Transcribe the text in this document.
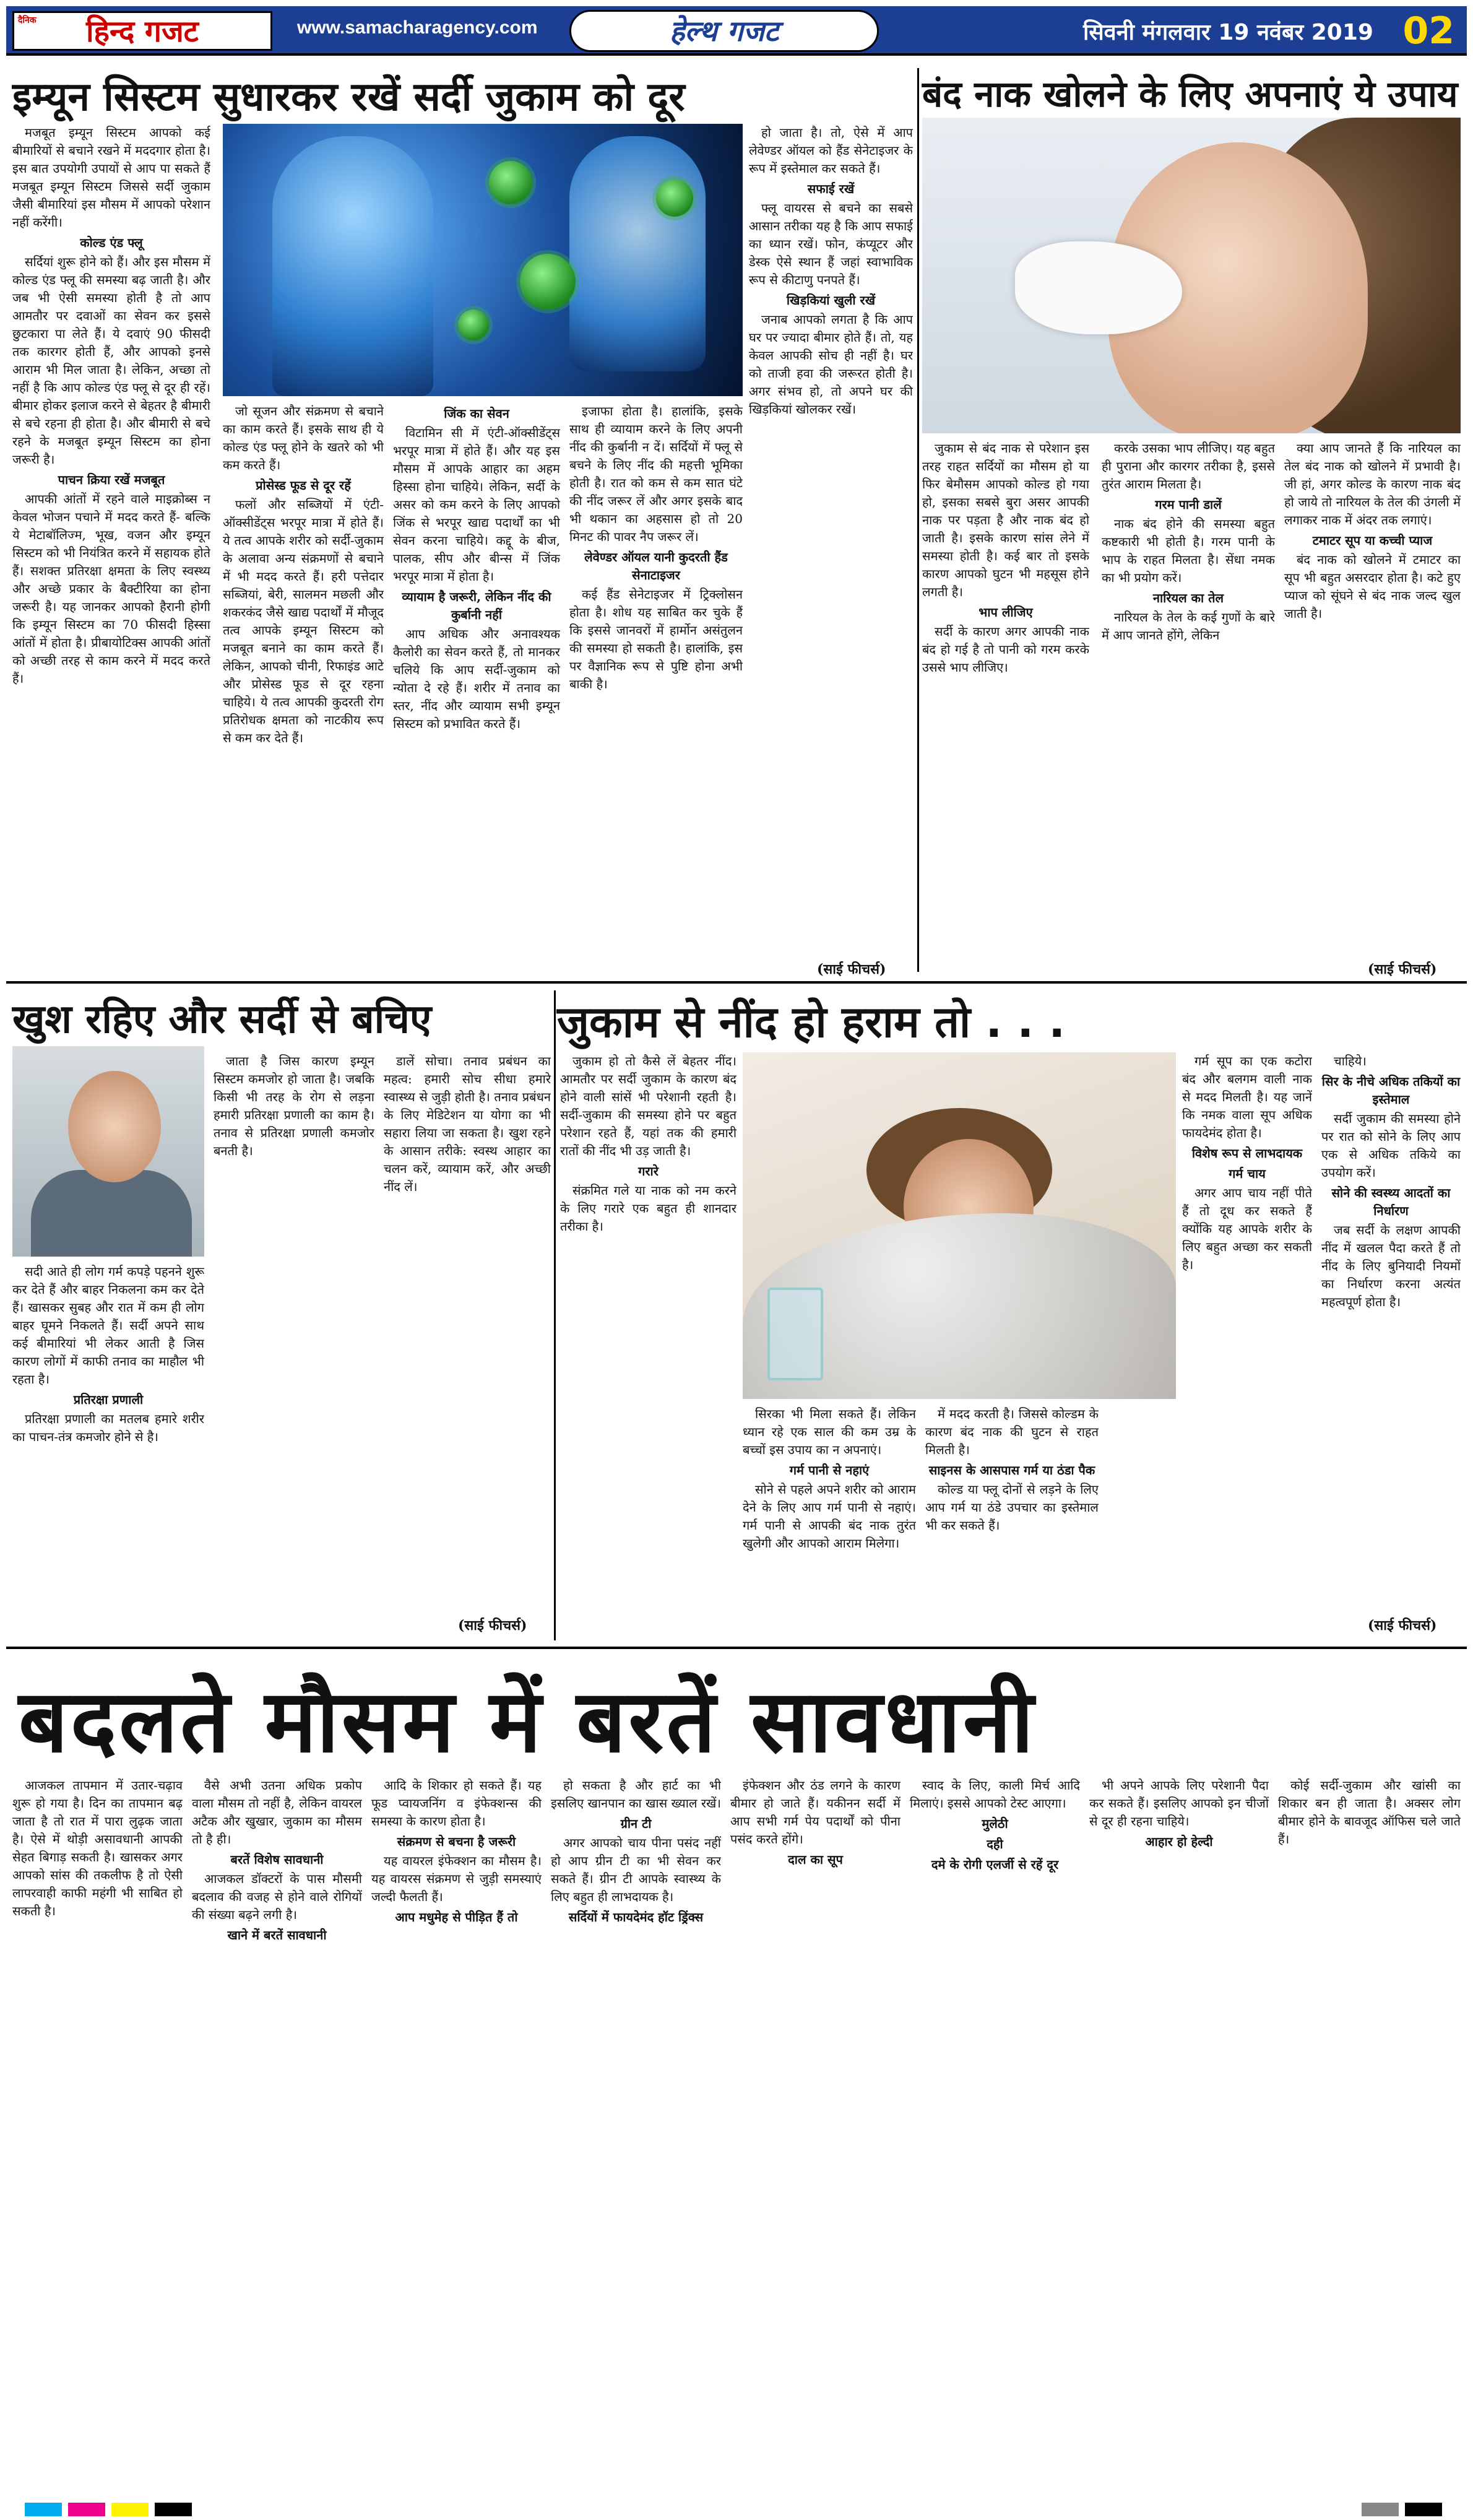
दैनिक हिन्द गजट	www.samacharagency.com	हेल्थ गजट	सिवनी मंगलवार 19 नवंबर 2019 02
इम्यून सिस्टम सुधारकर रखें सर्दी जुकाम को दूर

मजबूत इम्यून सिस्टम आपको कई बीमारियों से बचाने रखने में मददगार होता है। इस बात उपयोगी उपायों से आप पा सकते हैं मजबूत इम्यून सिस्टम जिससे सर्दी जुकाम जैसी बीमारियां इस मौसम में आपको परेशान नहीं करेंगी।

कोल्ड एंड फ्लू

सर्दियां शुरू होने को हैं। और इस मौसम में कोल्ड एंड फ्लू की समस्या बढ़ जाती है। और जब भी ऐसी समस्या होती है तो आप आमतौर पर दवाओं का सेवन कर इससे छुटकारा पा लेते हैं। ये दवाएं 90 फीसदी तक कारगर होती हैं, और आपको इनसे आराम भी मिल जाता है। लेकिन, अच्छा तो नहीं है कि आप कोल्ड एंड फ्लू से दूर ही रहें। बीमार होकर इलाज करने से बेहतर है बीमारी से बचे रहना ही होता है। और बीमारी से बचे रहने के मजबूत इम्यून सिस्टम का होना जरूरी है।

पाचन क्रिया रखें मजबूत

आपकी आंतों में रहने वाले माइक्रोब्स न केवल भोजन पचाने में मदद करते हैं- बल्कि ये मेटाबॉलिज्म, भूख, वजन और इम्यून सिस्टम को भी नियंत्रित करने में सहायक होते हैं। सशक्त प्रतिरक्षा क्षमता के लिए स्वस्थ्य और अच्छे प्रकार के बैक्टीरिया का होना जरूरी है। यह जानकर आपको हैरानी होगी कि इम्यून सिस्टम का 70 फीसदी हिस्सा आंतों में होता है। प्रीबायोटिक्स आपकी आंतों को अच्छी तरह से काम करने में मदद करते हैं।

जो सूजन और संक्रमण से बचाने का काम करते हैं। इसके साथ ही ये कोल्ड एंड फ्लू होने के खतरे को भी कम करते हैं।

प्रोसेस्ड फूड से दूर रहें

फलों और सब्जियों में एंटी-ऑक्सीडेंट्स भरपूर मात्रा में होते हैं। ये तत्व आपके शरीर को सर्दी-जुकाम के अलावा अन्य संक्रमणों से बचाने में भी मदद करते हैं। हरी पत्तेदार सब्जियां, बेरी, सालमन मछली और शकरकंद जैसे खाद्य पदार्थों में मौजूद तत्व आपके इम्यून सिस्टम को मजबूत बनाने का काम करते हैं। लेकिन, आपको चीनी, रिफाइंड आटे और प्रोसेस्ड फूड से दूर रहना चाहिये। ये तत्व आपकी कुदरती रोग प्रतिरोधक क्षमता को नाटकीय रूप से कम कर देते हैं।

जिंक का सेवन

विटामिन सी में एंटी-ऑक्सीडेंट्स भरपूर मात्रा में होते हैं। और यह इस मौसम में आपके आहार का अहम हिस्सा होना चाहिये। लेकिन, सर्दी के असर को कम करने के लिए आपको जिंक से भरपूर खाद्य पदार्थों का भी सेवन करना चाहिये। कद्दू के बीज, पालक, सीप और बीन्स में जिंक भरपूर मात्रा में होता है।

व्यायाम है जरूरी, लेकिन नींद की कुर्बानी नहीं

आप अधिक और अनावश्यक कैलोरी का सेवन करते हैं, तो मानकर चलिये कि आप सर्दी-जुकाम को न्योता दे रहे हैं। शरीर में तनाव का स्तर, नींद और व्यायाम सभी इम्यून सिस्टम को प्रभावित करते हैं।

इजाफा होता है। हालांकि, इसके साथ ही व्यायाम करने के लिए अपनी नींद की कुर्बानी न दें। सर्दियों में फ्लू से बचने के लिए नींद की महत्ती भूमिका होती है। रात को कम से कम सात घंटे की नींद जरूर लें और अगर इसके बाद भी थकान का अहसास हो तो 20 मिनट की पावर नैप जरूर लें।

लेवेण्डर ऑयल यानी कुदरती हैंड सेनाटाइजर

कई हैंड सेनेटाइजर में ट्रिक्लोसन होता है। शोध यह साबित कर चुके हैं कि इससे जानवरों में हार्मोन असंतुलन की समस्या हो सकती है। हालांकि, इस पर वैज्ञानिक रूप से पुष्टि होना अभी बाकी है।

हो जाता है। तो, ऐसे में आप लेवेण्डर ऑयल को हैंड सेनेटाइजर के रूप में इस्तेमाल कर सकते हैं।

सफाई रखें

फ्लू वायरस से बचने का सबसे आसान तरीका यह है कि आप सफाई का ध्यान रखें। फोन, कंप्यूटर और डेस्क ऐसे स्थान हैं जहां स्वाभाविक रूप से कीटाणु पनपते हैं।

खिड़कियां खुली रखें

जनाब आपको लगता है कि आप घर पर ज्यादा बीमार होते हैं। तो, यह केवल आपकी सोच ही नहीं है। घर को ताजी हवा की जरूरत होती है। अगर संभव हो, तो अपने घर की खिड़कियां खोलकर रखें।

(साई फीचर्स)
बंद नाक खोलने के लिए अपनाएं ये उपाय

जुकाम से बंद नाक से परेशान इस तरह राहत सर्दियों का मौसम हो या फिर बेमौसम आपको कोल्ड हो गया हो, इसका सबसे बुरा असर आपकी नाक पर पड़ता है और नाक बंद हो जाती है। इसके कारण सांस लेने में समस्या होती है। कई बार तो इसके कारण आपको घुटन भी महसूस होने लगती है।

भाप लीजिए

सर्दी के कारण अगर आपकी नाक बंद हो गई है तो पानी को गरम करके उससे भाप लीजिए।

करके उसका भाप लीजिए। यह बहुत ही पुराना और कारगर तरीका है, इससे तुरंत आराम मिलता है।

गरम पानी डालें

नाक बंद होने की समस्या बहुत कष्टकारी भी होती है। गरम पानी के भाप के राहत मिलता है। सेंधा नमक का भी प्रयोग करें।

नारियल का तेल

नारियल के तेल के कई गुणों के बारे में आप जानते होंगे, लेकिन

क्या आप जानते हैं कि नारियल का तेल बंद नाक को खोलने में प्रभावी है। जी हां, अगर कोल्ड के कारण नाक बंद हो जाये तो नारियल के तेल की उंगली में लगाकर नाक में अंदर तक लगाएं।

टमाटर सूप या कच्ची प्याज

बंद नाक को खोलने में टमाटर का सूप भी बहुत असरदार होता है। कटे हुए प्याज को सूंघने से बंद नाक जल्द खुल जाती है।

(साई फीचर्स)
खुश रहिए और सर्दी से बचिए

सदी आते ही लोग गर्म कपड़े पहनने शुरू कर देते हैं और बाहर निकलना कम कर देते हैं। खासकर सुबह और रात में कम ही लोग बाहर घूमने निकलते हैं। सर्दी अपने साथ कई बीमारियां भी लेकर आती है जिस कारण लोगों में काफी तनाव का माहौल भी रहता है।

प्रतिरक्षा प्रणाली

प्रतिरक्षा प्रणाली का मतलब हमारे शरीर का पाचन-तंत्र कमजोर होने से है।

जाता है जिस कारण इम्यून सिस्टम कमजोर हो जाता है। जबकि किसी भी तरह के रोग से लड़ना हमारी प्रतिरक्षा प्रणाली का काम है। तनाव से प्रतिरक्षा प्रणाली कमजोर बनती है।

डालें सोचा। तनाव प्रबंधन का महत्व: हमारी सोच सीधा हमारे स्वास्थ्य से जुड़ी होती है। तनाव प्रबंधन के लिए मेडिटेशन या योगा का भी सहारा लिया जा सकता है। खुश रहने के आसान तरीके: स्वस्थ आहार का चलन करें, व्यायाम करें, और अच्छी नींद लें।

(साई फीचर्स)
जुकाम से नींद हो हराम तो . . .

जुकाम हो तो कैसे लें बेहतर नींद। आमतौर पर सर्दी जुकाम के कारण बंद होने वाली सांसें भी परेशानी रहती है। सर्दी-जुकाम की समस्या होने पर बहुत परेशान रहते हैं, यहां तक की हमारी रातों की नींद भी उड़ जाती है।

गरारे

संक्रमित गले या नाक को नम करने के लिए गरारे एक बहुत ही शानदार तरीका है।

सिरका भी मिला सकते हैं। लेकिन ध्यान रहे एक साल की कम उम्र के बच्चों इस उपाय का न अपनाएं।

गर्म पानी से नहाएं

सोने से पहले अपने शरीर को आराम देने के लिए आप गर्म पानी से नहाएं। गर्म पानी से आपकी बंद नाक तुरंत खुलेगी और आपको आराम मिलेगा।

में मदद करती है। जिससे कोल्डम के कारण बंद नाक की घुटन से राहत मिलती है।

साइनस के आसपास गर्म या ठंडा पैक

कोल्ड या फ्लू दोनों से लड़ने के लिए आप गर्म या ठंडे उपचार का इस्तेमाल भी कर सकते हैं।

गर्म सूप का एक कटोरा बंद और बलगम वाली नाक से मदद मिलती है। यह जानें कि नमक वाला सूप अधिक फायदेमंद होता है।

विशेष रूप से लाभदायक

गर्म चाय

अगर आप चाय नहीं पीते हैं तो दूध कर सकते हैं क्योंकि यह आपके शरीर के लिए बहुत अच्छा कर सकती है।

चाहिये।

सिर के नीचे अधिक तकियों का इस्तेमाल

सर्दी जुकाम की समस्या होने पर रात को सोने के लिए आप एक से अधिक तकिये का उपयोग करें।

सोने की स्वस्थ्य आदतों का निर्धारण

जब सर्दी के लक्षण आपकी नींद में खलल पैदा करते हैं तो नींद के लिए बुनियादी नियमों का निर्धारण करना अत्यंत महत्वपूर्ण होता है।

(साई फीचर्स)
बदलते मौसम में बरतें सावधानी

आजकल तापमान में उतार-चढ़ाव शुरू हो गया है। दिन का तापमान बढ़ जाता है तो रात में पारा लुढ़क जाता है। ऐसे में थोड़ी असावधानी आपकी सेहत बिगाड़ सकती है। खासकर अगर आपको सांस की तकलीफ है तो ऐसी लापरवाही काफी महंगी भी साबित हो सकती है।

वैसे अभी उतना अधिक प्रकोप वाला मौसम तो नहीं है, लेकिन वायरल अटैक और खुखार, जुकाम का मौसम तो है ही।

बरतें विशेष सावधानी

आजकल डॉक्टरों के पास मौसमी बदलाव की वजह से होने वाले रोगियों की संख्या बढ़ने लगी है।

खाने में बरतें सावधानी

आदि के शिकार हो सकते हैं। यह फूड प्वायजनिंग व इंफेक्शन्स की समस्या के कारण होता है।

संक्रमण से बचना है जरूरी

यह वायरल इंफेक्शन का मौसम है। यह वायरस संक्रमण से जुड़ी समस्याएं जल्दी फैलती हैं।

आप मधुमेह से पीड़ित हैं तो

हो सकता है और हार्ट का भी इसलिए खानपान का खास ख्याल रखें।

ग्रीन टी

अगर आपको चाय पीना पसंद नहीं हो आप ग्रीन टी का भी सेवन कर सकते हैं। ग्रीन टी आपके स्वास्थ्य के लिए बहुत ही लाभदायक है।

सर्दियों में फायदेमंद हॉट ड्रिंक्स

इंफेक्शन और ठंड लगने के कारण बीमार हो जाते हैं। यकीनन सर्दी में आप सभी गर्म पेय पदार्थों को पीना पसंद करते होंगे।

दाल का सूप

स्वाद के लिए, काली मिर्च आदि मिलाएं। इससे आपको टेस्ट आएगा।

मुलेठी

दही

दमे के रोगी एलर्जी से रहें दूर

भी अपने आपके लिए परेशानी पैदा कर सकते हैं। इसलिए आपको इन चीजों से दूर ही रहना चाहिये।

आहार हो हेल्दी

कोई सर्दी-जुकाम और खांसी का शिकार बन ही जाता है। अक्सर लोग बीमार होने के बावजूद ऑफिस चले जाते हैं।
